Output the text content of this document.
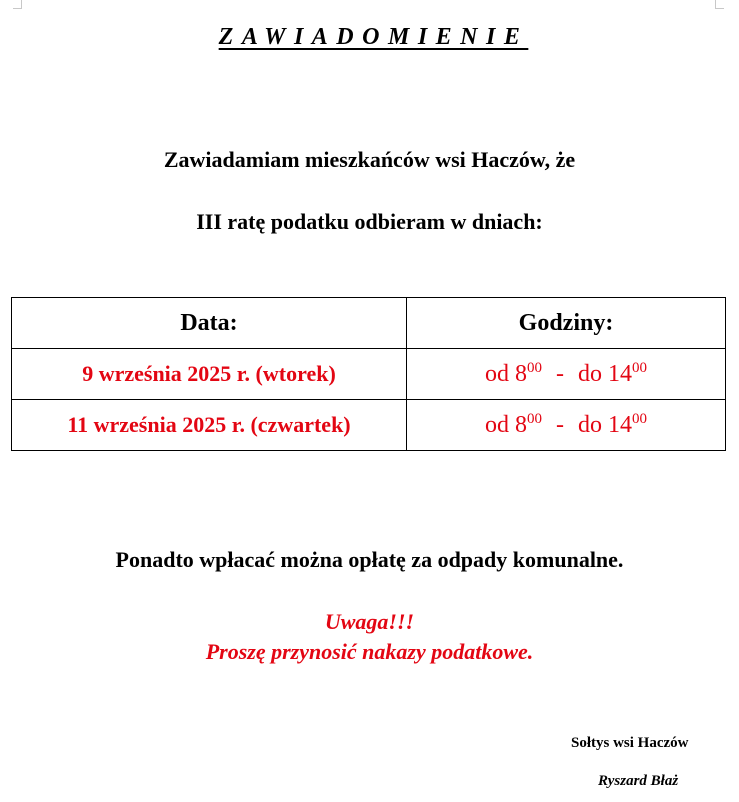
ZAWIADOMIENIE
Zawiadamiam mieszkańców wsi Haczów, że
III ratę podatku odbieram w dniach:
Data:	Godziny:
9 września 2025 r. (wtorek)	od $8^{00}$ - do $14^{00}$
11 września 2025 r. (czwartek)	od $8^{00}$ - do $14^{00}$
Ponadto wpłacać można opłatę za odpady komunalne.
Uwaga!!!
Proszę przynosić nakazy podatkowe.
Sołtys wsi Haczów
Ryszard Błaż
